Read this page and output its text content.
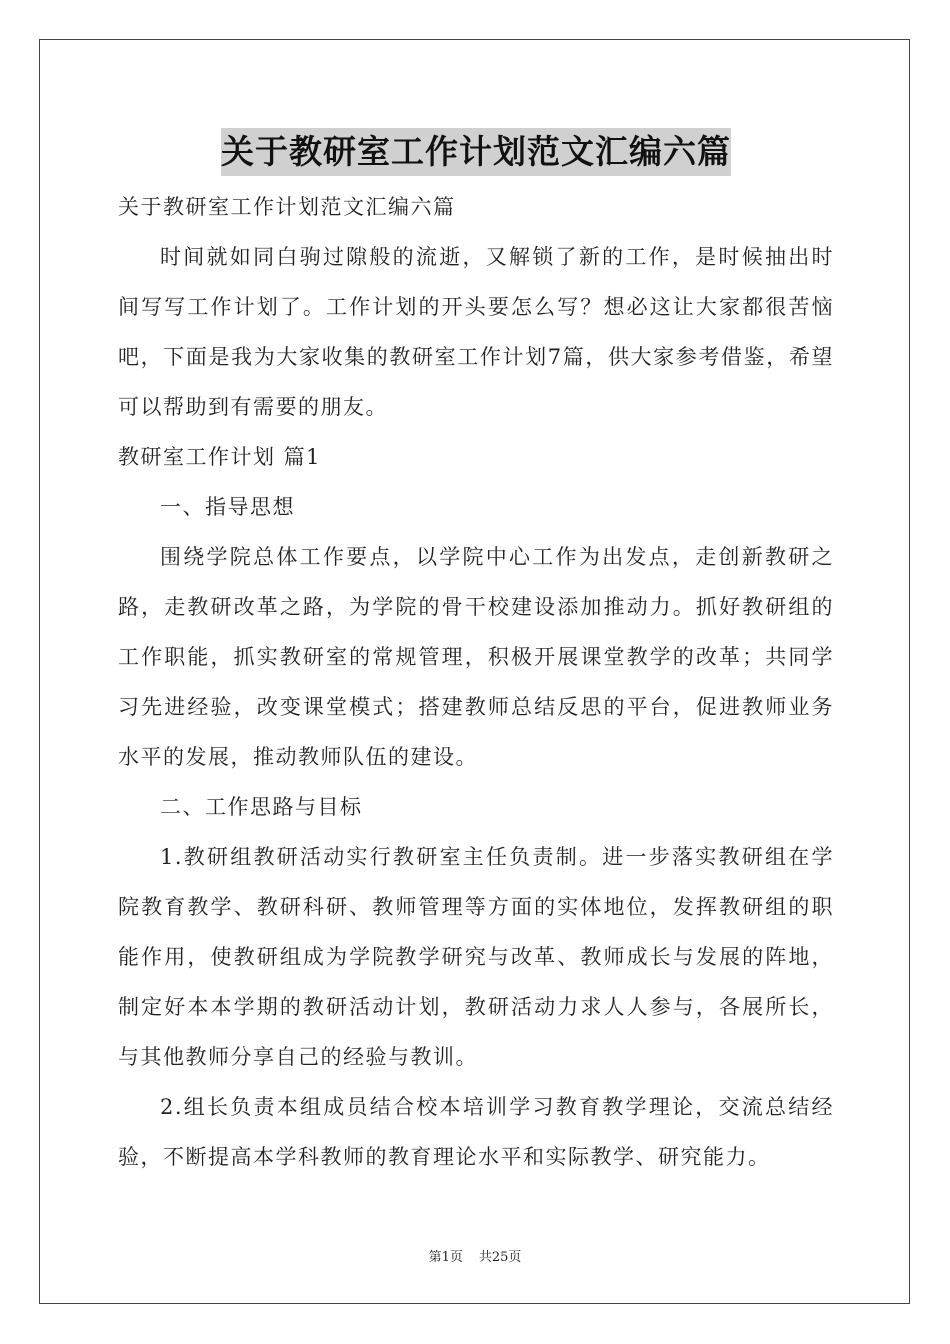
关于教研室工作计划范文汇编六篇

关于教研室工作计划范文汇编六篇

时间就如同白驹过隙般的流逝，又解锁了新的工作，是时候抽出时间写写工作计划了。工作计划的开头要怎么写？想必这让大家都很苦恼吧，下面是我为大家收集的教研室工作计划7篇，供大家参考借鉴，希望可以帮助到有需要的朋友。

教研室工作计划 篇1

一、指导思想

围绕学院总体工作要点，以学院中心工作为出发点，走创新教研之路，走教研改革之路，为学院的骨干校建设添加推动力。抓好教研组的工作职能，抓实教研室的常规管理，积极开展课堂教学的改革；共同学习先进经验，改变课堂模式；搭建教师总结反思的平台，促进教师业务水平的发展，推动教师队伍的建设。

二、工作思路与目标

1.教研组教研活动实行教研室主任负责制。进一步落实教研组在学院教育教学、教研科研、教师管理等方面的实体地位，发挥教研组的职能作用，使教研组成为学院教学研究与改革、教师成长与发展的阵地，制定好本本学期的教研活动计划，教研活动力求人人参与，各展所长，与其他教师分享自己的经验与教训。

2.组长负责本组成员结合校本培训学习教育教学理论，交流总结经验，不断提高本学科教师的教育理论水平和实际教学、研究能力。

第1页 共25页
